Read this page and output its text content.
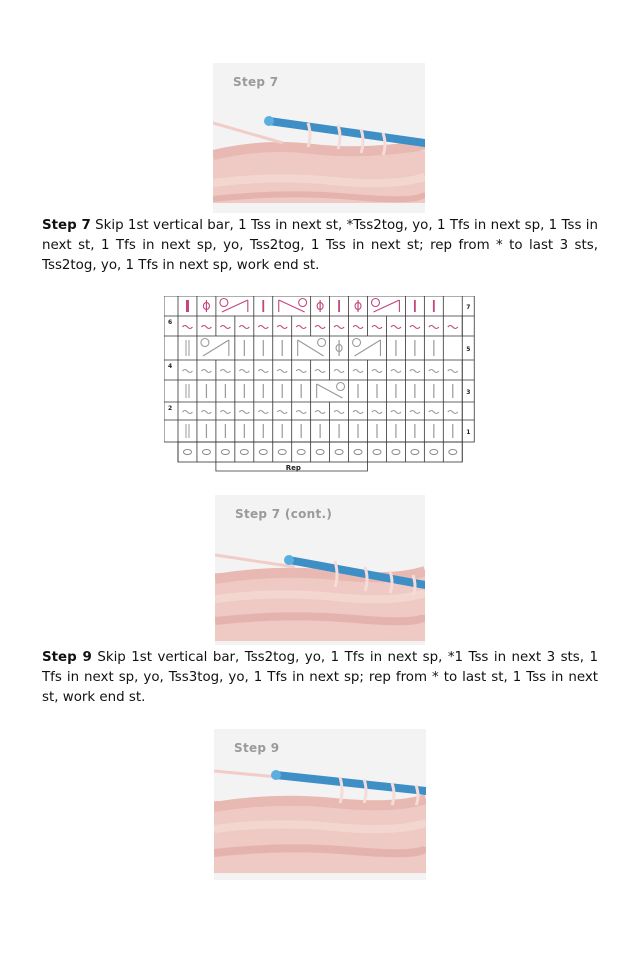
Step 7
Step 7 Skip 1st vertical bar, 1 Tss in next st, *Tss2tog, yo, 1 Tfs in next sp, 1 Tss in next st, 1 Tfs in next sp, yo, Tss2tog, 1 Tss in next st; rep from * to last 3 sts, Tss2tog, yo, 1 Tfs in next sp, work end st.
6
4
2
7
5
3
1
Rep
Step 7 (cont.)
Step 9 Skip 1st vertical bar, Tss2tog, yo, 1 Tfs in next sp, *1 Tss in next 3 sts, 1 Tfs in next sp, yo, Tss3tog, yo, 1 Tfs in next sp; rep from * to last st, 1 Tss in next st, work end st.
Step 9
